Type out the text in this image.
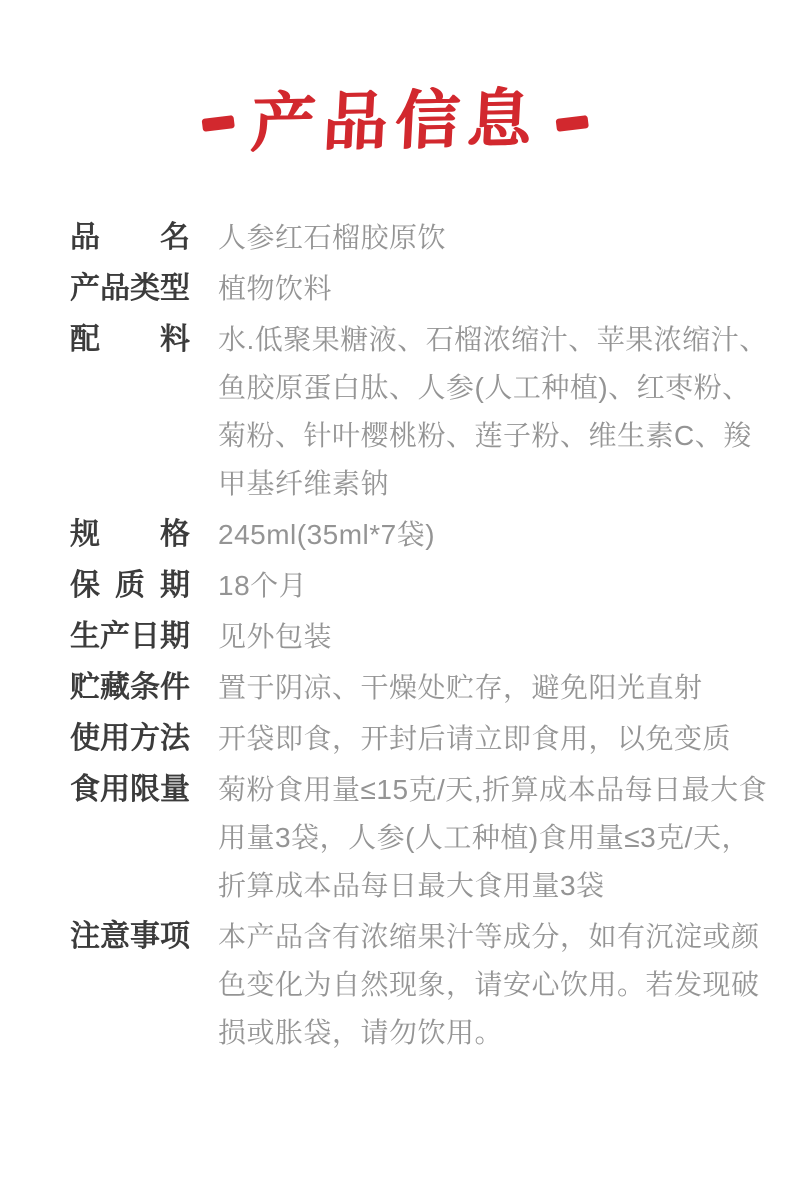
产品信息
品名 人参红石榴胶原饮
产品类型 植物饮料
配料 水.低聚果糖液、石榴浓缩汁、苹果浓缩汁、鱼胶原蛋白肽、人参(人工种植)、红枣粉、菊粉、针叶樱桃粉、莲子粉、维生素C、羧甲基纤维素钠
规格 245ml(35ml*7袋)
保质期 18个月
生产日期 见外包装
贮藏条件 置于阴凉、干燥处贮存，避免阳光直射
使用方法 开袋即食，开封后请立即食用，以免变质
食用限量 菊粉食用量≤15克/天,折算成本品每日最大食用量3袋，人参(人工种植)食用量≤3克/天，折算成本品每日最大食用量3袋
注意事项 本产品含有浓缩果汁等成分，如有沉淀或颜色变化为自然现象，请安心饮用。若发现破损或胀袋，请勿饮用。
